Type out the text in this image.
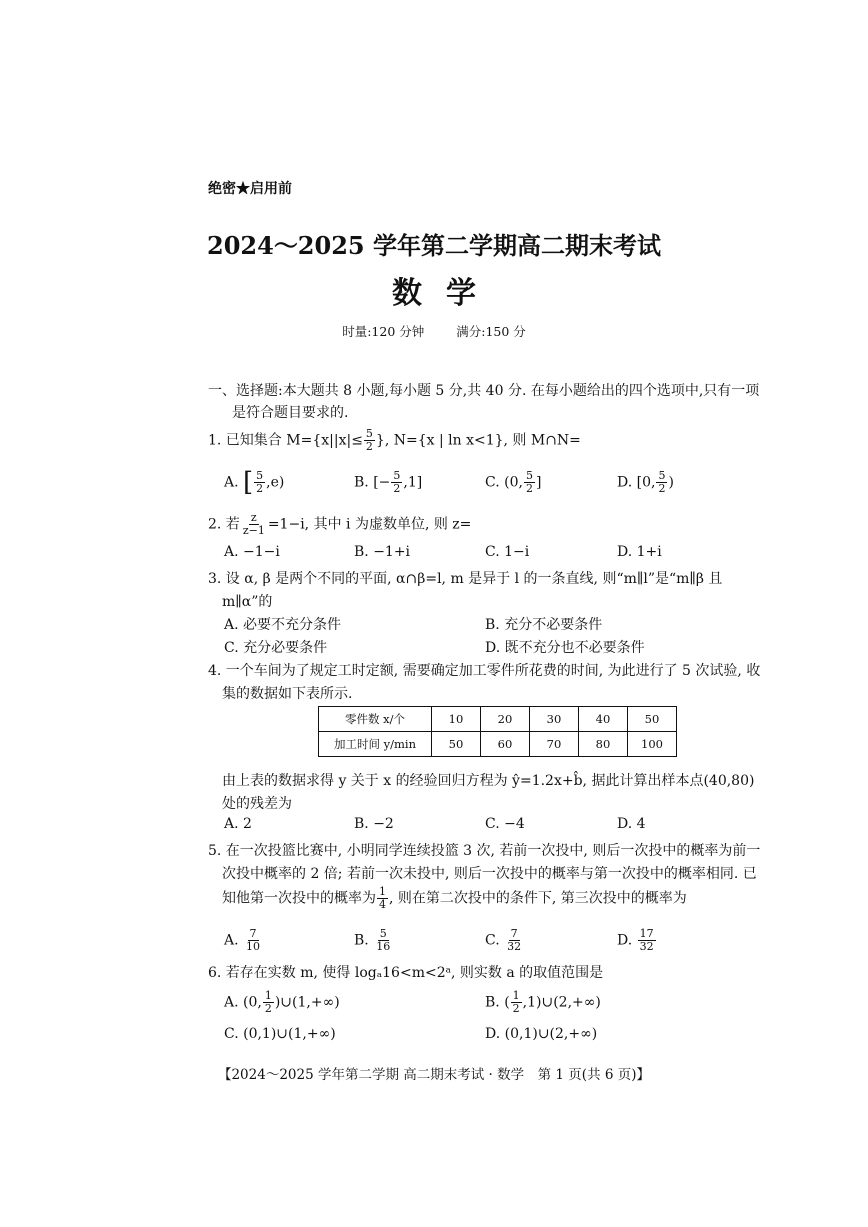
绝密★启用前
2024～2025 学年第二学期高二期末考试
数学
时量:120 分钟	满分:150 分
一、选择题:本大题共 8 小题,每小题 5 分,共 40 分. 在每小题给出的四个选项中,只有一项
是符合题目要求的.
1. 已知集合 $M=\{x||x|\le \frac{5}{2}$ }, N={x | ln x<1}, 则 M∩N=
A. [ $\frac{5}{2} ,e$)	B. [− $\frac{5}{2} ,1$]	C. (0, $\frac{5}{2}$ ]	D. [0, $\frac{5}{2}$ )
2. 若 $\frac{z}{z-1} =1-i$, 其中 i 为虚数单位, 则 z=
A. −1−i	B. −1+i	C. 1−i	D. 1+i
3. 设 α, β 是两个不同的平面, α∩β=l, m 是异于 l 的一条直线, 则“m∥l”是“m∥β 且
m∥α”的
A. 必要不充分条件	B. 充分不必要条件
C. 充分必要条件	D. 既不充分也不必要条件
4. 一个车间为了规定工时定额, 需要确定加工零件所花费的时间, 为此进行了 5 次试验, 收
集的数据如下表所示.
零件数 x/个	10	20	30	40	50
加工时间 y/min	50	60	70	80	100
由上表的数据求得 y 关于 x 的经验回归方程为 ŷ=1.2x+b̂, 据此计算出样本点(40,80)
处的残差为
A. 2	B. −2	C. −4	D. 4
5. 在一次投篮比赛中, 小明同学连续投篮 3 次, 若前一次投中, 则后一次投中的概率为前一
次投中概率的 2 倍; 若前一次未投中, 则后一次投中的概率与第一次投中的概率相同. 已
知他第一次投中的概率为 $\frac{1}{4}$ , 则在第二次投中的条件下, 第三次投中的概率为
A. $\frac{7}{10}$	B. $\frac{5}{16}$	C. $\frac{7}{32}$	D. $\frac{17}{32}$
6. 若存在实数 m, 使得 logₐ16<m<2ᵃ, 则实数 a 的取值范围是
A. (0, $\frac{1}{2}$ )∪(1,+∞)	B. ( $\frac{1}{2}$ ,1)∪(2,+∞)
C. (0,1)∪(1,+∞)	D. (0,1)∪(2,+∞)
【2024～2025 学年第二学期 高二期末考试 · 数学　第 1 页(共 6 页)】
